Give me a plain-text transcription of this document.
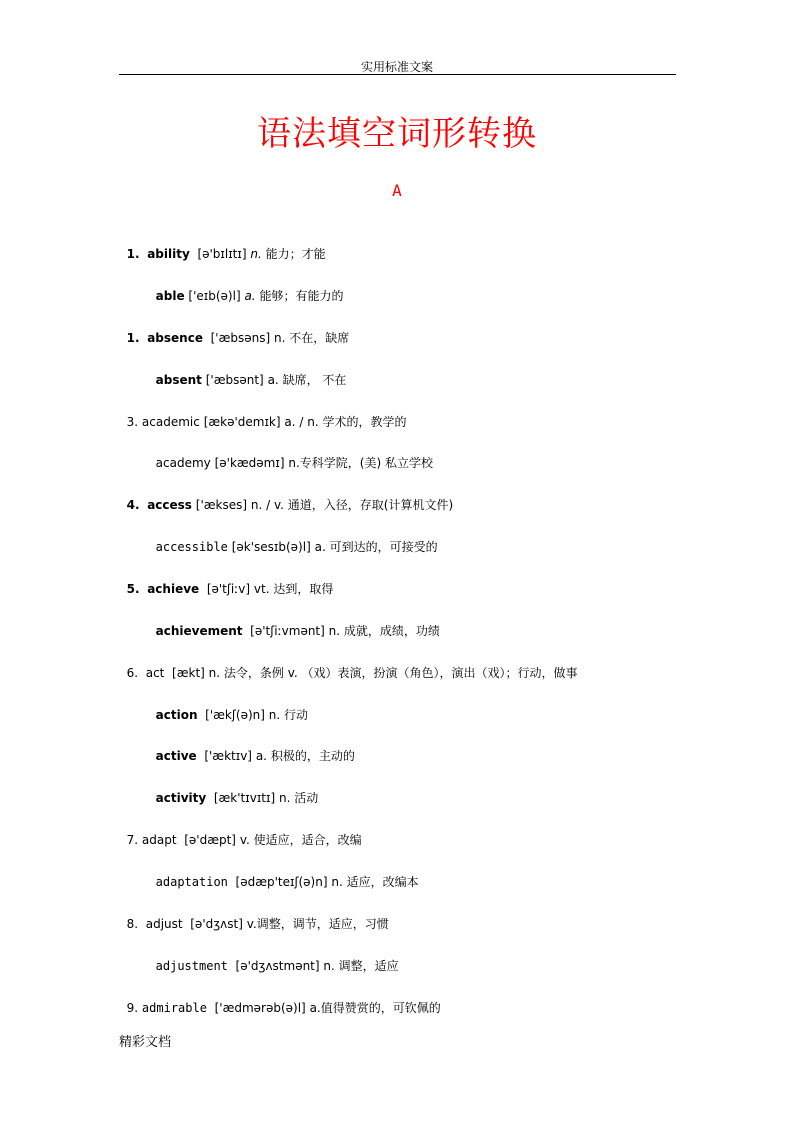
实用标准文案
语法填空词形转换
A

1. ability [ə'bɪlɪtɪ] n. 能力；才能

able ['eɪb(ə)l] a. 能够；有能力的

1. absence ['æbsəns] n. 不在，缺席

absent ['æbsənt] a. 缺席， 不在

3. academic [ækə'demɪk] a. / n. 学术的，教学的

academy [ə'kædəmɪ] n.专科学院，(美) 私立学校

4. access ['ækses] n. / v. 通道，入径，存取(计算机文件)

accessible [ək'sesɪb(ə)l] a. 可到达的，可接受的

5. achieve [ə'tʃiːv] vt. 达到，取得

achievement [ə'tʃiːvmənt] n. 成就，成绩，功绩

6. act [ækt] n. 法令，条例 v. （戏）表演，扮演（角色），演出（戏）；行动，做事

action ['ækʃ(ə)n] n. 行动

active ['æktɪv] a. 积极的，主动的

activity [æk'tɪvɪtɪ] n. 活动

7. adapt [ə'dæpt] v. 使适应，适合，改编

adaptation [ədæp'teɪʃ(ə)n] n. 适应，改编本

8. adjust [ə'dʒʌst] v.调整，调节，适应，习惯

adjustment [ə'dʒʌstmənt] n. 调整，适应

9. admirable ['ædmərəb(ə)l] a.值得赞赏的，可钦佩的

精彩文档
